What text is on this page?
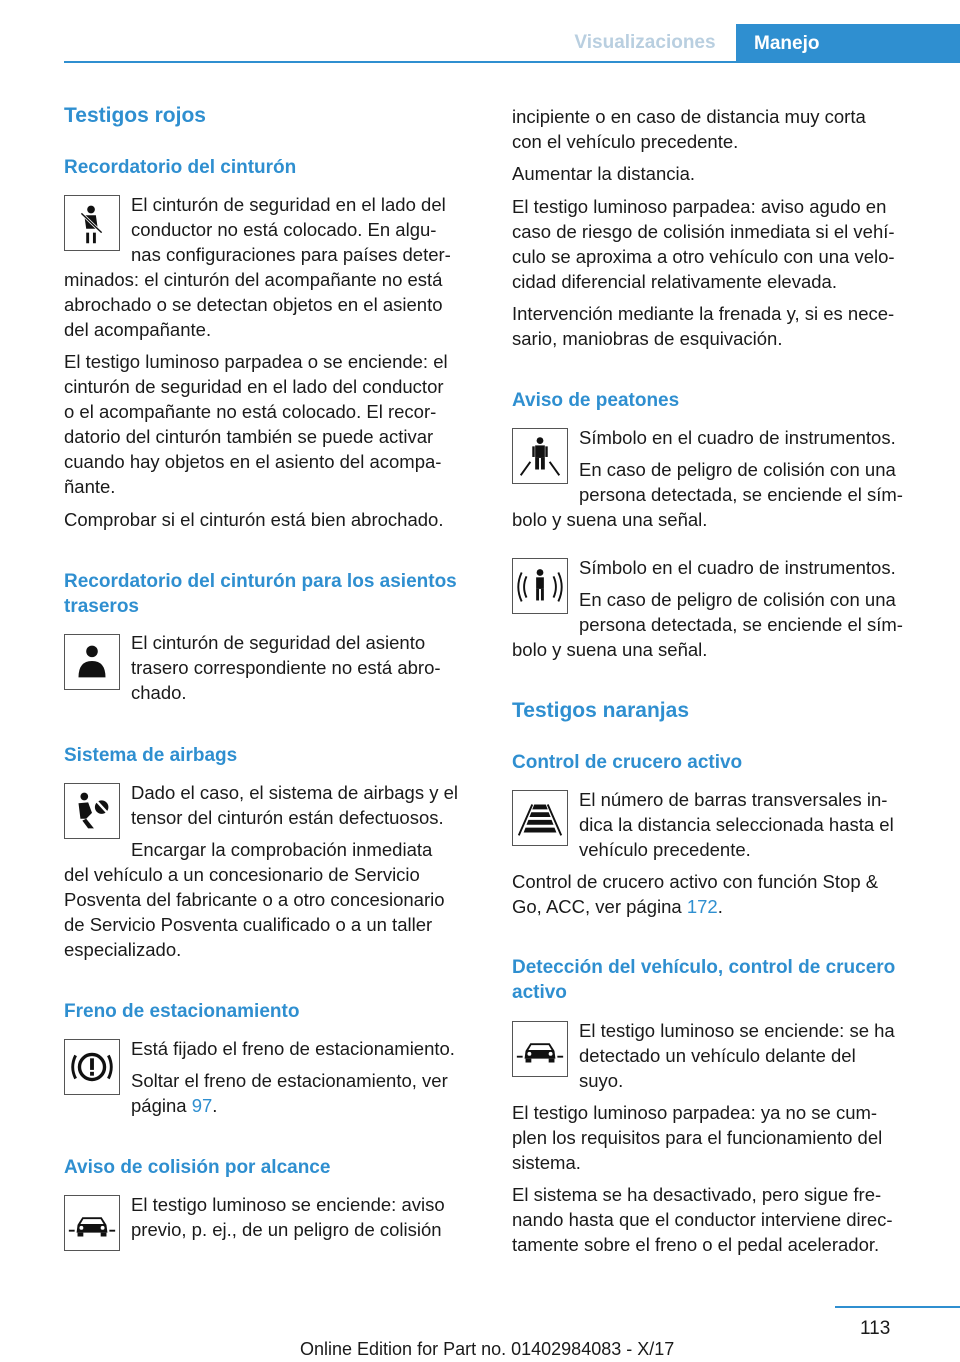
Visualizaciones	Manejo
Testigos rojos
Recordatorio del cinturón
El cinturón de seguridad en el lado del
conductor no está colocado. En algu‐
nas configuraciones para países deter‐
minados: el cinturón del acompañante no está
abrochado o se detectan objetos en el asiento
del acompañante.
El testigo luminoso parpadea o se enciende: el
cinturón de seguridad en el lado del conductor
o el acompañante no está colocado. El recor‐
datorio del cinturón también se puede activar
cuando hay objetos en el asiento del acompa‐
ñante.
Comprobar si el cinturón está bien abrochado.
Recordatorio del cinturón para los asientos
traseros
El cinturón de seguridad del asiento
trasero correspondiente no está abro‐
chado.
Sistema de airbags
Dado el caso, el sistema de airbags y el
tensor del cinturón están defectuosos.
Encargar la comprobación inmediata
del vehículo a un concesionario de Servicio
Posventa del fabricante o a otro concesionario
de Servicio Posventa cualificado o a un taller
especializado.
Freno de estacionamiento
Está fijado el freno de estacionamiento.
Soltar el freno de estacionamiento, ver
página 97.
Aviso de colisión por alcance
El testigo luminoso se enciende: aviso
previo, p. ej., de un peligro de colisión
incipiente o en caso de distancia muy corta
con el vehículo precedente.
Aumentar la distancia.
El testigo luminoso parpadea: aviso agudo en
caso de riesgo de colisión inmediata si el vehí‐
culo se aproxima a otro vehículo con una velo‐
cidad diferencial relativamente elevada.
Intervención mediante la frenada y, si es nece‐
sario, maniobras de esquivación.
Aviso de peatones
Símbolo en el cuadro de instrumentos.
En caso de peligro de colisión con una
persona detectada, se enciende el sím‐
bolo y suena una señal.
Símbolo en el cuadro de instrumentos.
En caso de peligro de colisión con una
persona detectada, se enciende el sím‐
bolo y suena una señal.
Testigos naranjas
Control de crucero activo
El número de barras transversales in‐
dica la distancia seleccionada hasta el
vehículo precedente.
Control de crucero activo con función Stop &
Go, ACC, ver página 172.
Detección del vehículo, control de crucero
activo
El testigo luminoso se enciende: se ha
detectado un vehículo delante del
suyo.
El testigo luminoso parpadea: ya no se cum‐
plen los requisitos para el funcionamiento del
sistema.
El sistema se ha desactivado, pero sigue fre‐
nando hasta que el conductor interviene direc‐
tamente sobre el freno o el pedal acelerador.
113
Online Edition for Part no. 01402984083 - X/17
